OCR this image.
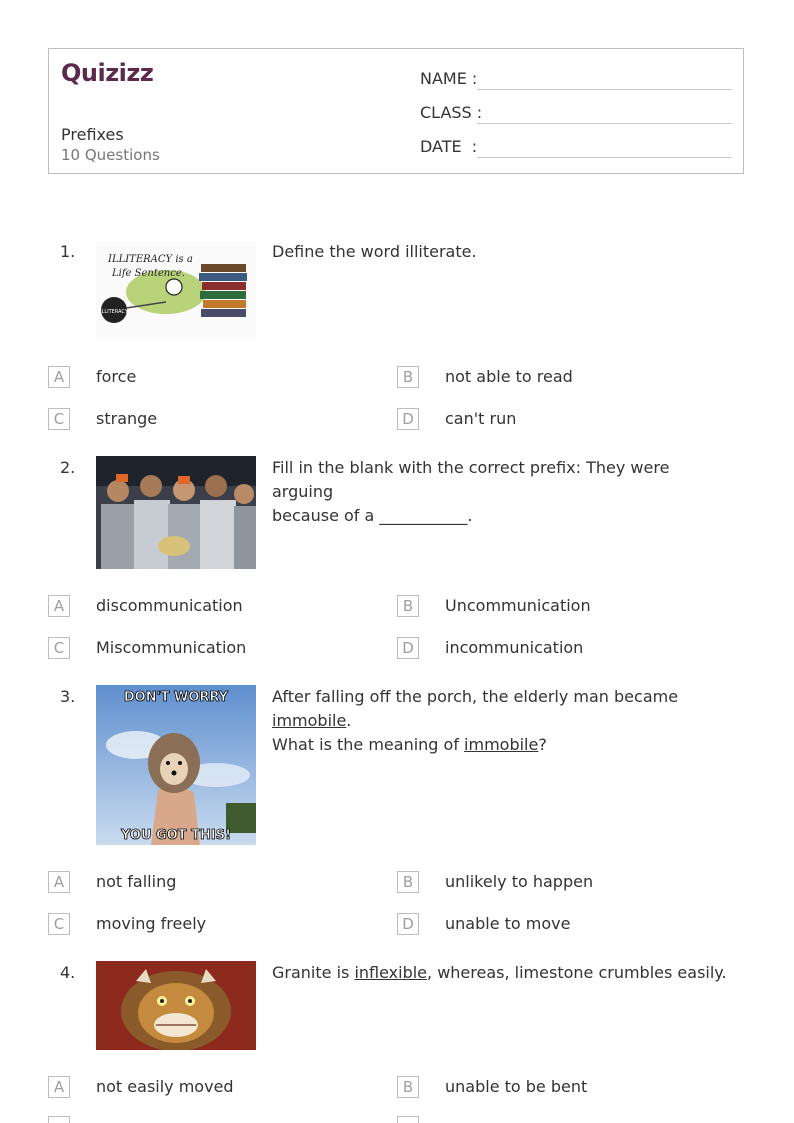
Quizizz
Prefixes
10 Questions
NAME :
CLASS :
DATE  :
1.	ILLITERACY is a
Life Sentence.
ILLITERACY
Define the word illiterate.
A	force	B	not able to read
C	strange	D	can't run
2.	Fill in the blank with the correct prefix: They were arguing
because of a ___________.
A	discommunication	B	Uncommunication
C	Miscommunication	D	incommunication
3.	DON'T WORRY
YOU GOT THIS!
After falling off the porch, the elderly man became immobile.
What is the meaning of immobile?
A	not falling	B	unlikely to happen
C	moving freely	D	unable to move
4.	Granite is inflexible, whereas, limestone crumbles easily.
A	not easily moved	B	unable to be bent
